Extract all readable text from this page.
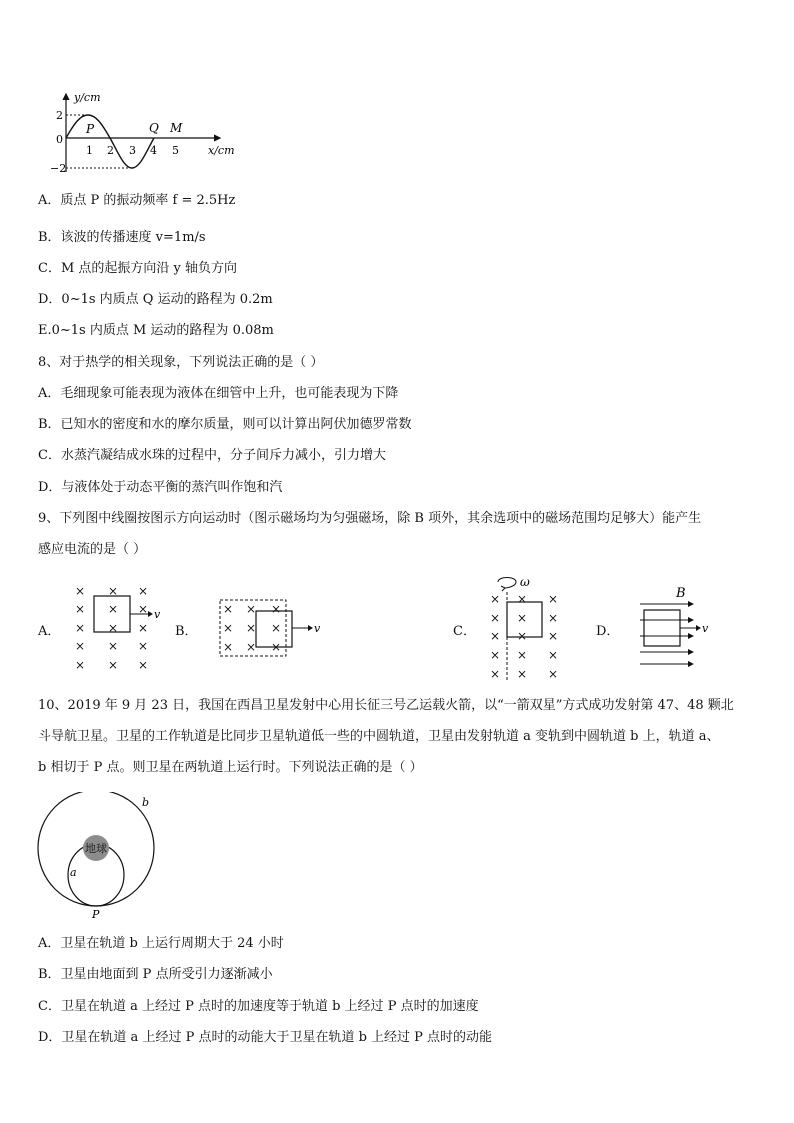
y/cm
x/cm
2
0
−2
1 2 3 4 5
P	Q M
A．质点 P 的振动频率 f = 2.5Hz
B．该波的传播速度 v=1m/s
C．M 点的起振方向沿 y 轴负方向
D．0~1s 内质点 Q 运动的路程为 0.2m
E.0~1s 内质点 M 运动的路程为 0.08m
8、对于热学的相关现象，下列说法正确的是（ ）
A．毛细现象可能表现为液体在细管中上升，也可能表现为下降
B．已知水的密度和水的摩尔质量，则可以计算出阿伏加德罗常数
C．水蒸汽凝结成水珠的过程中，分子间斥力减小，引力增大
D．与液体处于动态平衡的蒸汽叫作饱和汽
9、下列图中线圈按图示方向运动时（图示磁场均为匀强磁场，除 B 项外，其余选项中的磁场范围均足够大）能产生
感应电流的是（ ）
A．
× × ×
× × ×
× × ×
× × ×
× × ×
v
B．
× × ×
× × ×
× × ×
v	C．
ω
× × ×
× × ×
× × ×
× × ×
× × ×
D．
B
v
10、2019 年 9 月 23 日，我国在西昌卫星发射中心用长征三号乙运载火箭，以“一箭双星”方式成功发射第 47、48 颗北
斗导航卫星。卫星的工作轨道是比同步卫星轨道低一些的中圆轨道，卫星由发射轨道 a 变轨到中圆轨道 b 上，轨道 a、
b 相切于 P 点。则卫星在两轨道上运行时。下列说法正确的是（ ）
地球
b
a
P
A．卫星在轨道 b 上运行周期大于 24 小时
B．卫星由地面到 P 点所受引力逐渐减小
C．卫星在轨道 a 上经过 P 点时的加速度等于轨道 b 上经过 P 点时的加速度
D．卫星在轨道 a 上经过 P 点时的动能大于卫星在轨道 b 上经过 P 点时的动能
